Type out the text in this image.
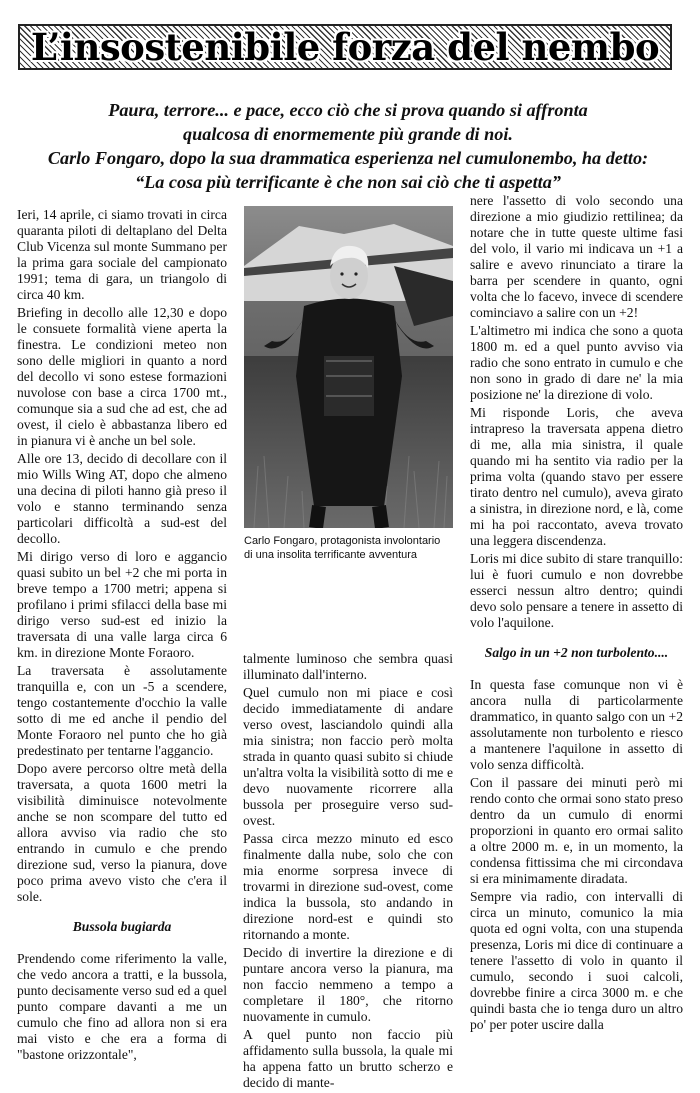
L’insostenibile forza del nembo
Paura, terrore... e pace, ecco ciò che si prova quando si affronta
qualcosa di enormemente più grande di noi.
Carlo Fongaro, dopo la sua drammatica esperienza nel cumulonembo, ha detto:
“La cosa più terrificante è che non sai ciò che ti aspetta”

Ieri, 14 aprile, ci siamo trovati in circa quaranta piloti di deltaplano del Delta Club Vicenza sul monte Summano per la prima gara sociale del campionato 1991; tema di gara, un triangolo di circa 40 km.

Briefing in decollo alle 12,30 e dopo le consuete formalità viene aperta la finestra. Le condizioni meteo non sono delle migliori in quanto a nord del decollo vi sono estese formazioni nuvolose con base a circa 1700 mt., comunque sia a sud che ad est, che ad ovest, il cielo è abbastanza libero ed in pianura vi è anche un bel sole.

Alle ore 13, decido di decollare con il mio Wills Wing AT, dopo che almeno una decina di piloti hanno già preso il volo e stanno terminando senza particolari difficoltà a sud-est del decollo.

Mi dirigo verso di loro e aggancio quasi subito un bel +2 che mi porta in breve tempo a 1700 metri; appena si profilano i primi sfilacci della base mi dirigo verso sud-est ed inizio la traversata di una valle larga circa 6 km. in direzione Monte Foraoro.

La traversata è assolutamente tranquilla e, con un -5 a scendere, tengo costantemente d'occhio la valle sotto di me ed anche il pendio del Monte Foraoro nel punto che ho già predestinato per tentarne l'aggancio.

Dopo avere percorso oltre metà della traversata, a quota 1600 metri la visibilità diminuisce notevolmente anche se non scompare del tutto ed allora avviso via radio che sto entrando in cumulo e che prendo direzione sud, verso la pianura, dove poco prima avevo visto che c'era il sole.

Bussola bugiarda

Prendendo come riferimento la valle, che vedo ancora a tratti, e la bussola, punto decisamente verso sud ed a quel punto compare davanti a me un cumulo che fino ad allora non si era mai visto e che era a forma di "bastone orizzontale",

Carlo Fongaro, protagonista involontario
di una insolita terrificante avventura

talmente luminoso che sembra quasi illuminato dall'interno.

Quel cumulo non mi piace e così decido immediatamente di andare verso ovest, lasciandolo quindi alla mia sinistra; non faccio però molta strada in quanto quasi subito si chiude un'altra volta la visibilità sotto di me e devo nuovamente ricorrere alla bussola per proseguire verso sud-ovest.

Passa circa mezzo minuto ed esco finalmente dalla nube, solo che con mia enorme sorpresa invece di trovarmi in direzione sud-ovest, come indica la bussola, sto andando in direzione nord-est e quindi sto ritornando a monte.

Decido di invertire la direzione e di puntare ancora verso la pianura, ma non faccio nemmeno a tempo a completare il 180°, che ritorno nuovamente in cumulo.

A quel punto non faccio più affidamento sulla bussola, la quale mi ha appena fatto un brutto scherzo e decido di mante-

nere l'assetto di volo secondo una direzione a mio giudizio rettilinea; da notare che in tutte queste ultime fasi del volo, il vario mi indicava un +1 a salire e avevo rinunciato a tirare la barra per scendere in quanto, ogni volta che lo facevo, invece di scendere cominciavo a salire con un +2!

L'altimetro mi indica che sono a quota 1800 m. ed a quel punto avviso via radio che sono entrato in cumulo e che non sono in grado di dare ne' la mia posizione ne' la direzione di volo.

Mi risponde Loris, che aveva intrapreso la traversata appena dietro di me, alla mia sinistra, il quale quando mi ha sentito via radio per la prima volta (quando stavo per essere tirato dentro nel cumulo), aveva girato a sinistra, in direzione nord, e là, come mi ha poi raccontato, aveva trovato una leggera discendenza.

Loris mi dice subito di stare tranquillo: lui è fuori cumulo e non dovrebbe esserci nessun altro dentro; quindi devo solo pensare a tenere in assetto di volo l'aquilone.

Salgo in un +2 non turbolento....

In questa fase comunque non vi è ancora nulla di particolarmente drammatico, in quanto salgo con un +2 assolutamente non turbolento e riesco a mantenere l'aquilone in assetto di volo senza difficoltà.

Con il passare dei minuti però mi rendo conto che ormai sono stato preso dentro da un cumulo di enormi proporzioni in quanto ero ormai salito a oltre 2000 m. e, in un momento, la condensa fittissima che mi circondava si era minimamente diradata.

Sempre via radio, con intervalli di circa un minuto, comunico la mia quota ed ogni volta, con una stupenda presenza, Loris mi dice di continuare a tenere l'assetto di volo in quanto il cumulo, secondo i suoi calcoli, dovrebbe finire a circa 3000 m. e che quindi basta che io tenga duro un altro po' per poter uscire dalla
